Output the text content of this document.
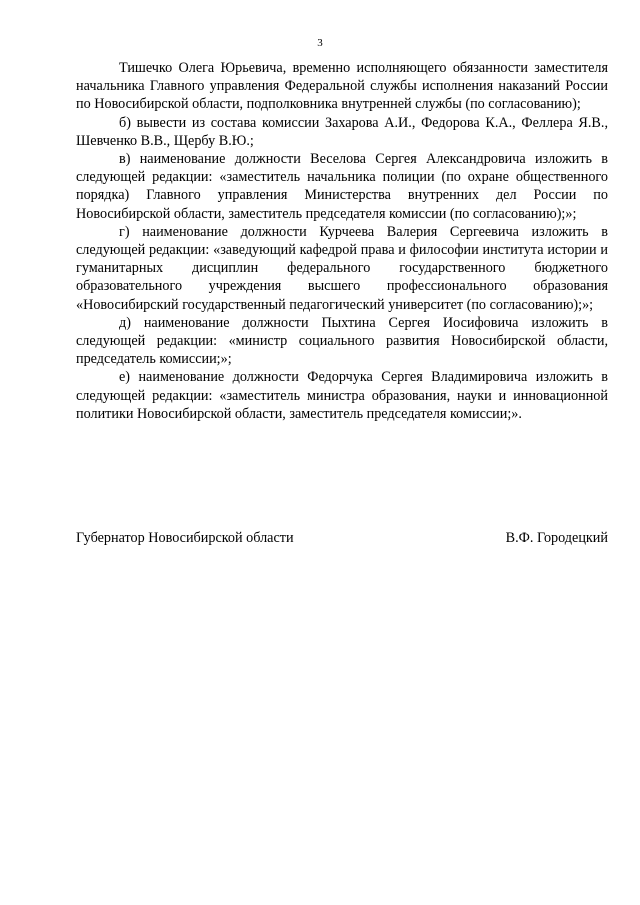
3

Тишечко Олега Юрьевича, временно исполняющего обязанности заместителя начальника Главного управления Федеральной службы исполнения наказаний России по Новосибирской области, подполковника внутренней службы (по согласованию);

б) вывести из состава комиссии Захарова А.И., Федорова К.А., Феллера Я.В., Шевченко В.В., Щербу В.Ю.;

в) наименование должности Веселова Сергея Александровича изложить в следующей редакции: «заместитель начальника полиции (по охране общественного порядка) Главного управления Министерства внутренних дел России по Новосибирской области, заместитель председателя комиссии (по согласованию);»;

г) наименование должности Курчеева Валерия Сергеевича изложить в следующей редакции: «заведующий кафедрой права и философии института истории и гуманитарных дисциплин федерального государственного бюджетного образовательного учреждения высшего профессионального образования «Новосибирский государственный педагогический университет (по согласованию);»;

д) наименование должности Пыхтина Сергея Иосифовича изложить в следующей редакции: «министр социального развития Новосибирской области, председатель комиссии;»;

е) наименование должности Федорчука Сергея Владимировича изложить в следующей редакции: «заместитель министра образования, науки и инновационной политики Новосибирской области, заместитель председателя комиссии;».

Губернатор Новосибирской области	В.Ф. Городецкий
